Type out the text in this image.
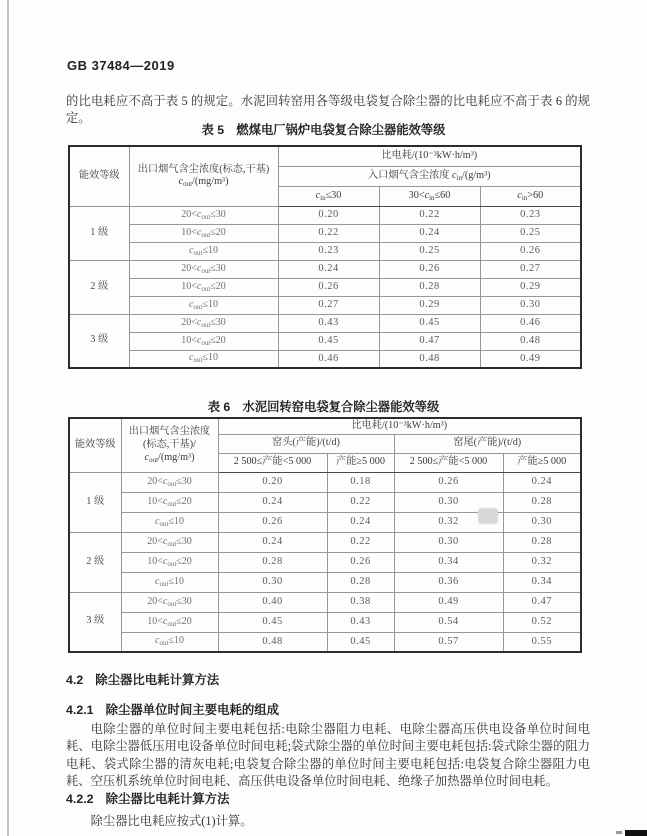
GB 37484—2019

的比电耗应不高于表 5 的规定。水泥回转窑用各等级电袋复合除尘器的比电耗应不高于表 6 的规定。

表 5　燃煤电厂锅炉电袋复合除尘器能效等级
能效等级	出口烟气含尘浓度(标态,干基)
$c_{out}/(mg/m^3)$	比电耗/(10⁻³kW·h/m³)		
		入口烟气含尘浓度 $c_{in}/(g/m^3)$		
		$c_{in}\le 30$	$30<c_{in}\le 60$	$c_{in}>60$
1 级	$20<c_{out}\le 30$	0.20	0.22	0.23
	$10<c_{out}\le 20$	0.22	0.24	0.25
	$c_{out}\le 10$	0.23	0.25	0.26
2 级	$20<c_{out}\le 30$	0.24	0.26	0.27
	$10<c_{out}\le 20$	0.26	0.28	0.29
	$c_{out}\le 10$	0.27	0.29	0.30
3 级	$20<c_{out}\le 30$	0.43	0.45	0.46
	$10<c_{out}\le 20$	0.45	0.47	0.48
	$c_{out}\le 10$	0.46	0.48	0.49
表 6　水泥回转窑电袋复合除尘器能效等级
能效等级	出口烟气含尘浓度
(标态,干基)/
$c_{out}/(mg/m^3)$	比电耗/(10⁻³kW·h/m³)			
		窑头(产能)/(t/d)		窑尾(产能)/(t/d)	
		2 500≤产能<5 000	产能≥5 000	2 500≤产能<5 000	产能≥5 000
1 级	$20<c_{out}\le 30$	0.20	0.18	0.26	0.24
	$10<c_{out}\le 20$	0.24	0.22	0.30	0.28
	$c_{out}\le 10$	0.26	0.24	0.32	0.30
2 级	$20<c_{out}\le 30$	0.24	0.22	0.30	0.28
	$10<c_{out}\le 20$	0.28	0.26	0.34	0.32
	$c_{out}\le 10$	0.30	0.28	0.36	0.34
3 级	$20<c_{out}\le 30$	0.40	0.38	0.49	0.47
	$10<c_{out}\le 20$	0.45	0.43	0.54	0.52
	$c_{out}\le 10$	0.48	0.45	0.57	0.55
4.2 除尘器比电耗计算方法
4.2.1 除尘器单位时间主要电耗的组成

电除尘器的单位时间主要电耗包括:电除尘器阻力电耗、电除尘器高压供电设备单位时间电耗、电除尘器低压用电设备单位时间电耗;袋式除尘器的单位时间主要电耗包括:袋式除尘器的阻力电耗、袋式除尘器的清灰电耗;电袋复合除尘器的单位时间主要电耗包括:电袋复合除尘器阻力电耗、空压机系统单位时间电耗、高压供电设备单位时间电耗、绝缘子加热器单位时间电耗。

4.2.2 除尘器比电耗计算方法

除尘器比电耗应按式(1)计算。
